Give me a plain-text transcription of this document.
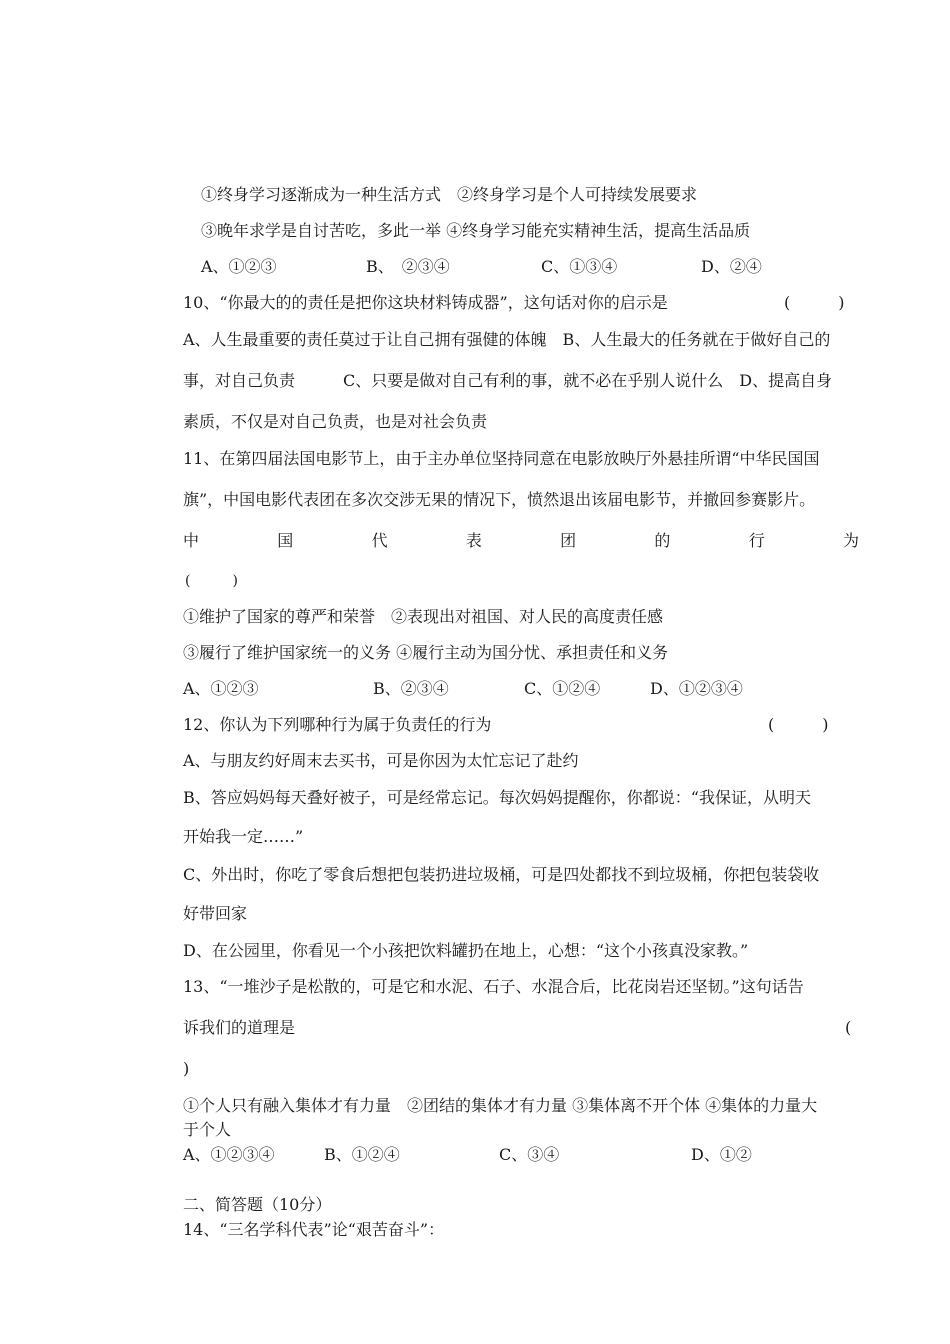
①终身学习逐渐成为一种生活方式　②终身学习是个人可持续发展要求
③晚年求学是自讨苦吃，多此一举 ④终身学习能充实精神生活，提高生活品质
A、①②③	B、　②③④	C、①③④	D、②④
10、“你最大的的责任是把你这块材料铸成器”，这句话对你的启示是	(　　　)
A、人生最重要的责任莫过于让自己拥有强健的体魄　B、人生最大的任务就在于做好自己的
事，对自己负责　　　C、只要是做对自己有利的事，就不必在乎别人说什么　D、提高自身
素质，不仅是对自己负责，也是对社会负责
11、在第四届法国电影节上，由于主办单位坚持同意在电影放映厅外悬挂所谓“中华民国国
旗”，中国电影代表团在多次交涉无果的情况下，愤然退出该届电影节，并撤回参赛影片。
中	国	代	表	团	的	行	为
(　　　)
①维护了国家的尊严和荣誉　②表现出对祖国、对人民的高度责任感
③履行了维护国家统一的义务 ④履行主动为国分忧、承担责任和义务
A、①②③	B、②③④	C、①②④	D、①②③④
12、你认为下列哪种行为属于负责任的行为	(　　　)
A、与朋友约好周末去买书，可是你因为太忙忘记了赴约
B、答应妈妈每天叠好被子，可是经常忘记。每次妈妈提醒你，你都说：“我保证，从明天
开始我一定……”
C、外出时，你吃了零食后想把包装扔进垃圾桶，可是四处都找不到垃圾桶，你把包装袋收
好带回家
D、在公园里，你看见一个小孩把饮料罐扔在地上，心想：“这个小孩真没家教。”
13、“一堆沙子是松散的，可是它和水泥、石子、水混合后，比花岗岩还坚韧。”这句话告
诉我们的道理是	(
)
①个人只有融入集体才有力量　②团结的集体才有力量 ③集体离不开个体 ④集体的力量大
于个人
A、①②③④	B、①②④	C、③④	D、①②
二、简答题（10分）
14、“三名学科代表”论“艰苦奋斗”：
